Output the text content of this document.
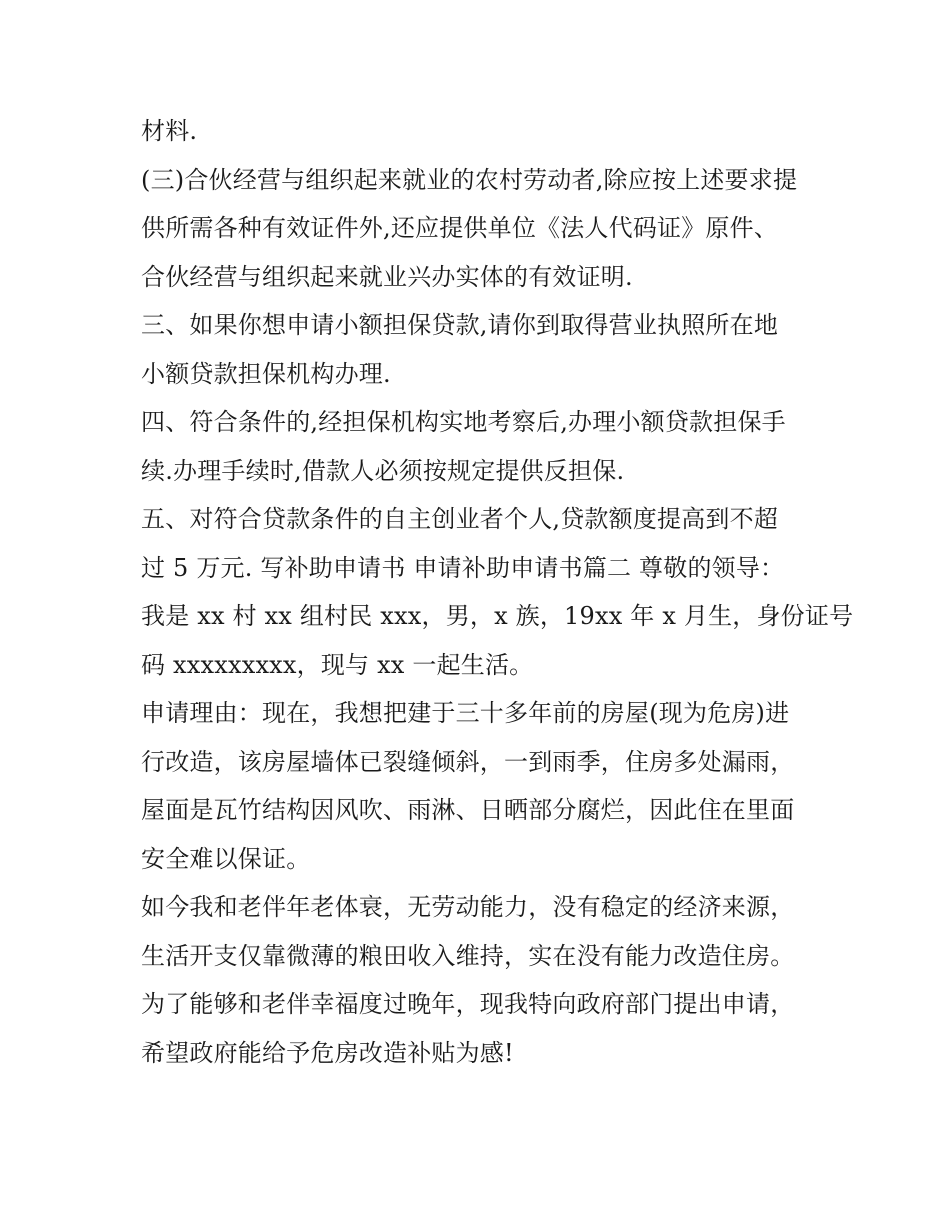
材料.
(三)合伙经营与组织起来就业的农村劳动者,除应按上述要求提
供所需各种有效证件外,还应提供单位《法人代码证》原件、
合伙经营与组织起来就业兴办实体的有效证明.
三、如果你想申请小额担保贷款,请你到取得营业执照所在地
小额贷款担保机构办理.
四、符合条件的,经担保机构实地考察后,办理小额贷款担保手
续.办理手续时,借款人必须按规定提供反担保.
五、对符合贷款条件的自主创业者个人,贷款额度提高到不超
过 5 万元. 写补助申请书 申请补助申请书篇二 尊敬的领导：
我是 xx 村 xx 组村民 xxx，男，x 族，19xx 年 x 月生，身份证号
码 xxxxxxxxx，现与 xx 一起生活。
申请理由：现在，我想把建于三十多年前的房屋(现为危房)进
行改造，该房屋墙体已裂缝倾斜，一到雨季，住房多处漏雨，
屋面是瓦竹结构因风吹、雨淋、日晒部分腐烂，因此住在里面
安全难以保证。
如今我和老伴年老体衰，无劳动能力，没有稳定的经济来源，
生活开支仅靠微薄的粮田收入维持，实在没有能力改造住房。
为了能够和老伴幸福度过晚年，现我特向政府部门提出申请，
希望政府能给予危房改造补贴为感!
